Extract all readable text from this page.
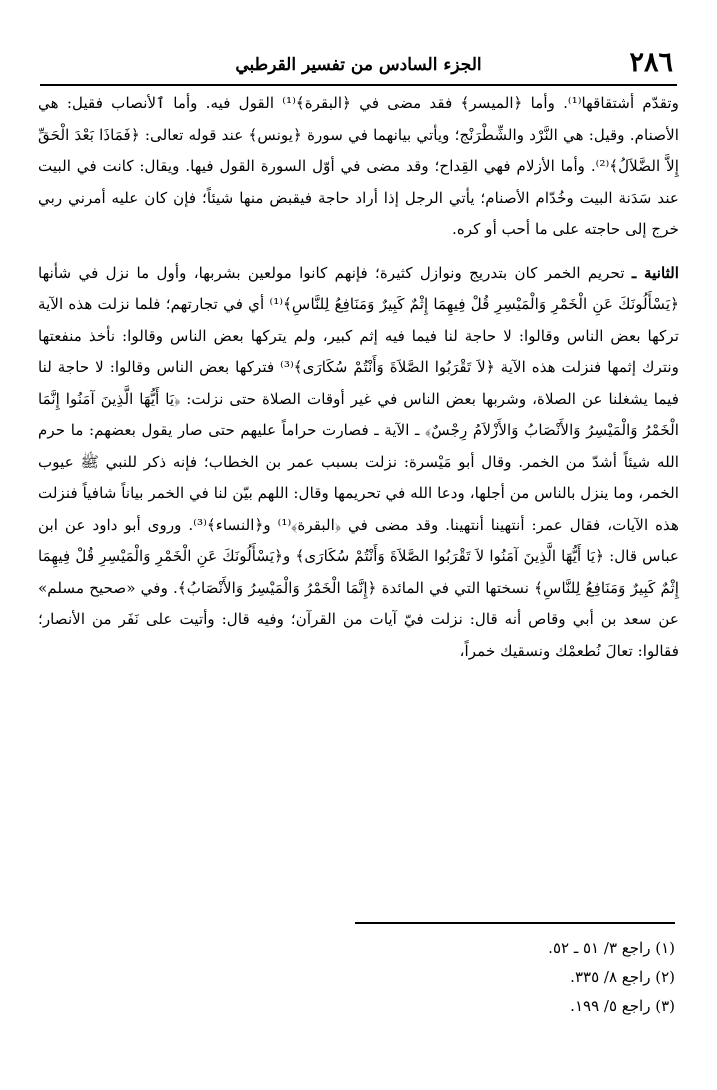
٢٨٦
الجزء السادس من تفسير القرطبي

وتقدّم أشتقاقها⁽¹⁾. وأما ﴿الميسر﴾ فقد مضى في ﴿البقرة﴾⁽¹⁾ القول فيه. وأما ٱلأنصاب فقيل: هي الأصنام. وقيل: هي النَّرْد والشِّطْرَنْج؛ ويأتي بيانهما في سورة ﴿يونس﴾ عند قوله تعالى: ﴿فَمَاذَا بَعْدَ الْحَقِّ إِلاَّ الضَّلاَلُ﴾⁽²⁾. وأما الأزلام فهي القِداح؛ وقد مضى في أوّل السورة القول فيها. ويقال: كانت في البيت عند سَدَنة البيت وخُدّام الأصنام؛ يأتي الرجل إذا أراد حاجة فيقبض منها شيئاً؛ فإن كان عليه أمرني ربي خرج إلى حاجته على ما أحب أو كره.

الثانية ـ تحريم الخمر كان بتدريج ونوازل كثيرة؛ فإنهم كانوا مولعين بشربها، وأول ما نزل في شأنها ﴿يَسْأَلُونَكَ عَنِ الْخَمْرِ وَالْمَيْسِرِ قُلْ فِيهِمَا إِثْمٌ كَبِيرٌ وَمَنَافِعُ لِلنَّاسِ﴾⁽¹⁾ أي في تجارتهم؛ فلما نزلت هذه الآية تركها بعض الناس وقالوا: لا حاجة لنا فيما فيه إثم كبير، ولم يتركها بعض الناس وقالوا: نأخذ منفعتها ونترك إثمها فنزلت هذه الآية ﴿لاَ تَقْرَبُوا الصَّلاَةَ وَأَنْتُمْ سُكَارَى﴾⁽³⁾ فتركها بعض الناس وقالوا: لا حاجة لنا فيما يشغلنا عن الصلاة، وشربها بعض الناس في غير أوقات الصلاة حتى نزلت: ﴿يَا أَيُّهَا الَّذِينَ آمَنُوا إِنَّمَا الْخَمْرُ وَالْمَيْسِرُ وَالأَنْصَابُ وَالأَزْلاَمُ رِجْسٌ﴾ ـ الآية ـ فصارت حراماً عليهم حتى صار يقول بعضهم: ما حرم الله شيئاً أشدّ من الخمر. وقال أبو مَيْسرة: نزلت بسبب عمر بن الخطاب؛ فإنه ذكر للنبي ﷺ عيوب الخمر، وما ينزل بالناس من أجلها، ودعا الله في تحريمها وقال: اللهم بيّن لنا في الخمر بياناً شافياً فنزلت هذه الآيات، فقال عمر: أنتهينا أنتهينا. وقد مضى في ﴿البقرة﴾⁽¹⁾ و﴿النساء﴾⁽³⁾. وروى أبو داود عن ابن عباس قال: ﴿يَا أَيُّهَا الَّذِينَ آمَنُوا لاَ تَقْرَبُوا الصَّلاَةَ وَأَنْتُمْ سُكَارَى﴾ و﴿يَسْأَلُونَكَ عَنِ الْخَمْرِ وَالْمَيْسِرِ قُلْ فِيهِمَا إِثْمٌ كَبِيرٌ وَمَنَافِعُ لِلنَّاسِ﴾ نسختها التي في المائدة ﴿إِنَّمَا الْخَمْرُ وَالْمَيْسِرُ وَالأَنْصَابُ﴾. وفي «صحيح مسلم» عن سعد بن أبي وقاص أنه قال: نزلت فيّ آيات من القرآن؛ وفيه قال: وأتيت على نَفَر من الأنصار؛ فقالوا: تعالَ نُطعمْك ونسقيك خمراً،

(١) راجع ٣/ ٥١ ـ ٥٢.
(٢) راجع ٨/ ٣٣٥.
(٣) راجع ٥/ ١٩٩.
